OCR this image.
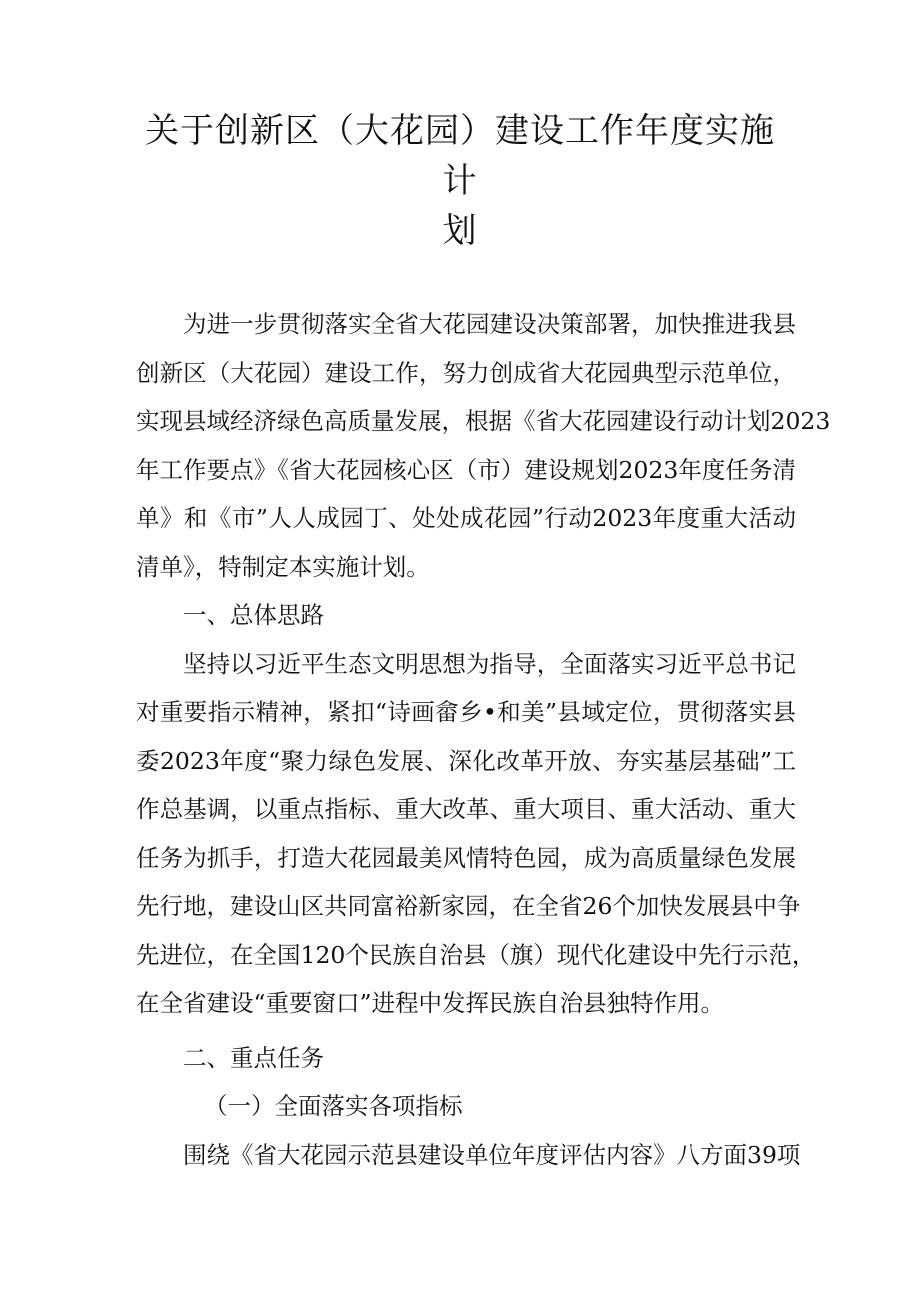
关于创新区（大花园）建设工作年度实施计
划
为进一步贯彻落实全省大花园建设决策部署，加快推进我县
创新区（大花园）建设工作，努力创成省大花园典型示范单位，
实现县域经济绿色高质量发展，根据《省大花园建设行动计划2023
年工作要点》《省大花园核心区（市）建设规划2023年度任务清
单》和《市”人人成园丁、处处成花园”行动2023年度重大活动
清单》，特制定本实施计划。
一、总体思路
坚持以习近平生态文明思想为指导，全面落实习近平总书记
对重要指示精神，紧扣“诗画畲乡•和美”县域定位，贯彻落实县
委2023年度“聚力绿色发展、深化改革开放、夯实基层基础”工
作总基调，以重点指标、重大改革、重大项目、重大活动、重大
任务为抓手，打造大花园最美风情特色园，成为高质量绿色发展
先行地，建设山区共同富裕新家园，在全省26个加快发展县中争
先进位，在全国120个民族自治县（旗）现代化建设中先行示范，
在全省建设“重要窗口”进程中发挥民族自治县独特作用。
二、重点任务
（一）全面落实各项指标
围绕《省大花园示范县建设单位年度评估内容》八方面39项
